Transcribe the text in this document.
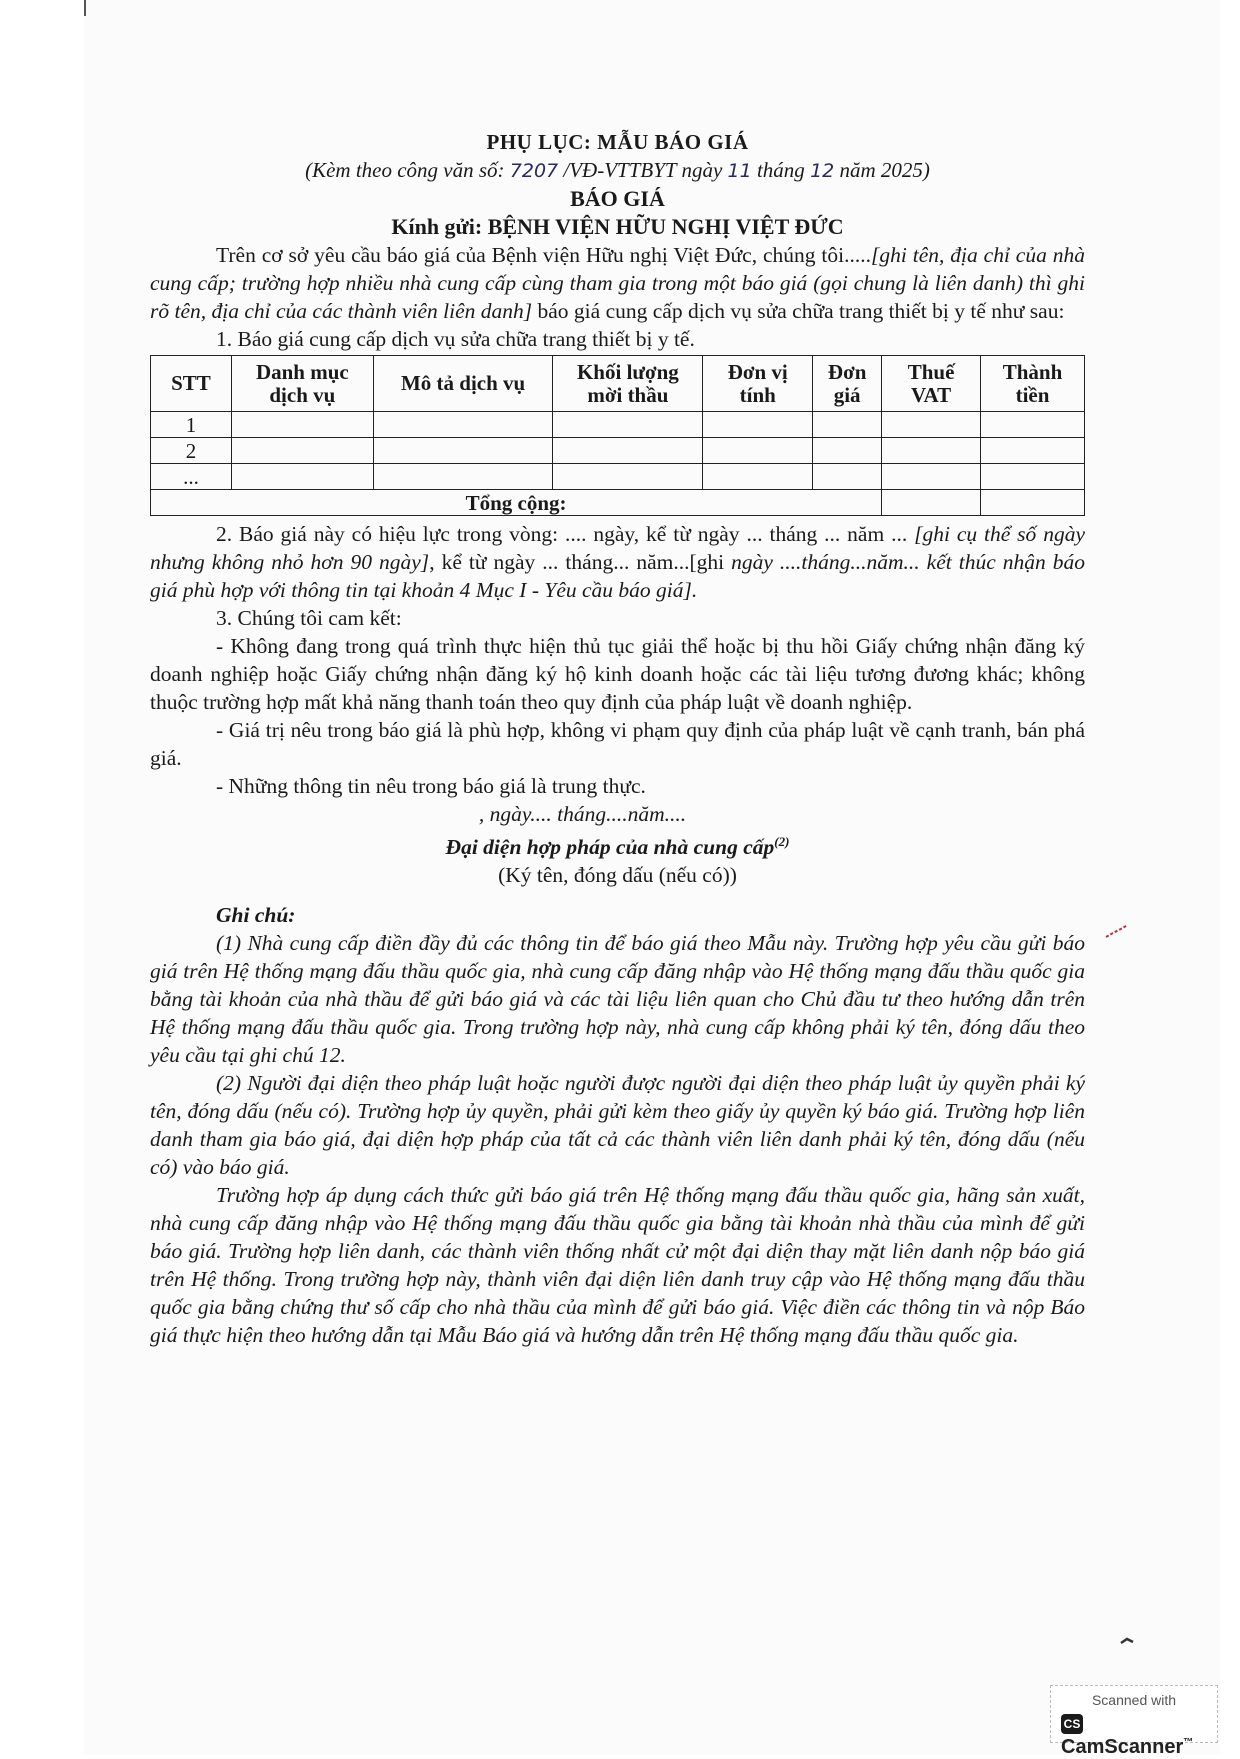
PHỤ LỤC: MẪU BÁO GIÁ
(Kèm theo công văn số: 7207 /VĐ-VTTBYT ngày 11 tháng 12 năm 2025)
BÁO GIÁ
Kính gửi: BỆNH VIỆN HỮU NGHỊ VIỆT ĐỨC

Trên cơ sở yêu cầu báo giá của Bệnh viện Hữu nghị Việt Đức, chúng tôi.....[ghi tên, địa chỉ của nhà cung cấp; trường hợp nhiều nhà cung cấp cùng tham gia trong một báo giá (gọi chung là liên danh) thì ghi rõ tên, địa chỉ của các thành viên liên danh] báo giá cung cấp dịch vụ sửa chữa trang thiết bị y tế như sau:

1. Báo giá cung cấp dịch vụ sửa chữa trang thiết bị y tế.

STT	Danh mục dịch vụ	Mô tả dịch vụ	Khối lượng mời thầu	Đơn vị tính	Đơn giá	Thuế VAT	Thành tiền
1							
2							
...							
Tổng cộng:							

2. Báo giá này có hiệu lực trong vòng: .... ngày, kể từ ngày ... tháng ... năm ... [ghi cụ thể số ngày nhưng không nhỏ hơn 90 ngày], kể từ ngày ... tháng... năm...[ghi ngày ....tháng...năm... kết thúc nhận báo giá phù hợp với thông tin tại khoản 4 Mục I - Yêu cầu báo giá].

3. Chúng tôi cam kết:

- Không đang trong quá trình thực hiện thủ tục giải thể hoặc bị thu hồi Giấy chứng nhận đăng ký doanh nghiệp hoặc Giấy chứng nhận đăng ký hộ kinh doanh hoặc các tài liệu tương đương khác; không thuộc trường hợp mất khả năng thanh toán theo quy định của pháp luật về doanh nghiệp.

- Giá trị nêu trong báo giá là phù hợp, không vi phạm quy định của pháp luật về cạnh tranh, bán phá giá.

- Những thông tin nêu trong báo giá là trung thực.

, ngày.... tháng....năm....
Đại diện hợp pháp của nhà cung cấp$^{(2)}$
(Ký tên, đóng dấu (nếu có))
Ghi chú:

(1) Nhà cung cấp điền đầy đủ các thông tin để báo giá theo Mẫu này. Trường hợp yêu cầu gửi báo giá trên Hệ thống mạng đấu thầu quốc gia, nhà cung cấp đăng nhập vào Hệ thống mạng đấu thầu quốc gia bằng tài khoản của nhà thầu để gửi báo giá và các tài liệu liên quan cho Chủ đầu tư theo hướng dẫn trên Hệ thống mạng đấu thầu quốc gia. Trong trường hợp này, nhà cung cấp không phải ký tên, đóng dấu theo yêu cầu tại ghi chú 12.

(2) Người đại diện theo pháp luật hoặc người được người đại diện theo pháp luật ủy quyền phải ký tên, đóng dấu (nếu có). Trường hợp ủy quyền, phải gửi kèm theo giấy ủy quyền ký báo giá. Trường hợp liên danh tham gia báo giá, đại diện hợp pháp của tất cả các thành viên liên danh phải ký tên, đóng dấu (nếu có) vào báo giá.

Trường hợp áp dụng cách thức gửi báo giá trên Hệ thống mạng đấu thầu quốc gia, hãng sản xuất, nhà cung cấp đăng nhập vào Hệ thống mạng đấu thầu quốc gia bằng tài khoản nhà thầu của mình để gửi báo giá. Trường hợp liên danh, các thành viên thống nhất cử một đại diện thay mặt liên danh nộp báo giá trên Hệ thống. Trong trường hợp này, thành viên đại diện liên danh truy cập vào Hệ thống mạng đấu thầu quốc gia bằng chứng thư số cấp cho nhà thầu của mình để gửi báo giá. Việc điền các thông tin và nộp Báo giá thực hiện theo hướng dẫn tại Mẫu Báo giá và hướng dẫn trên Hệ thống mạng đấu thầu quốc gia.

Scanned with
CSCamScanner™
